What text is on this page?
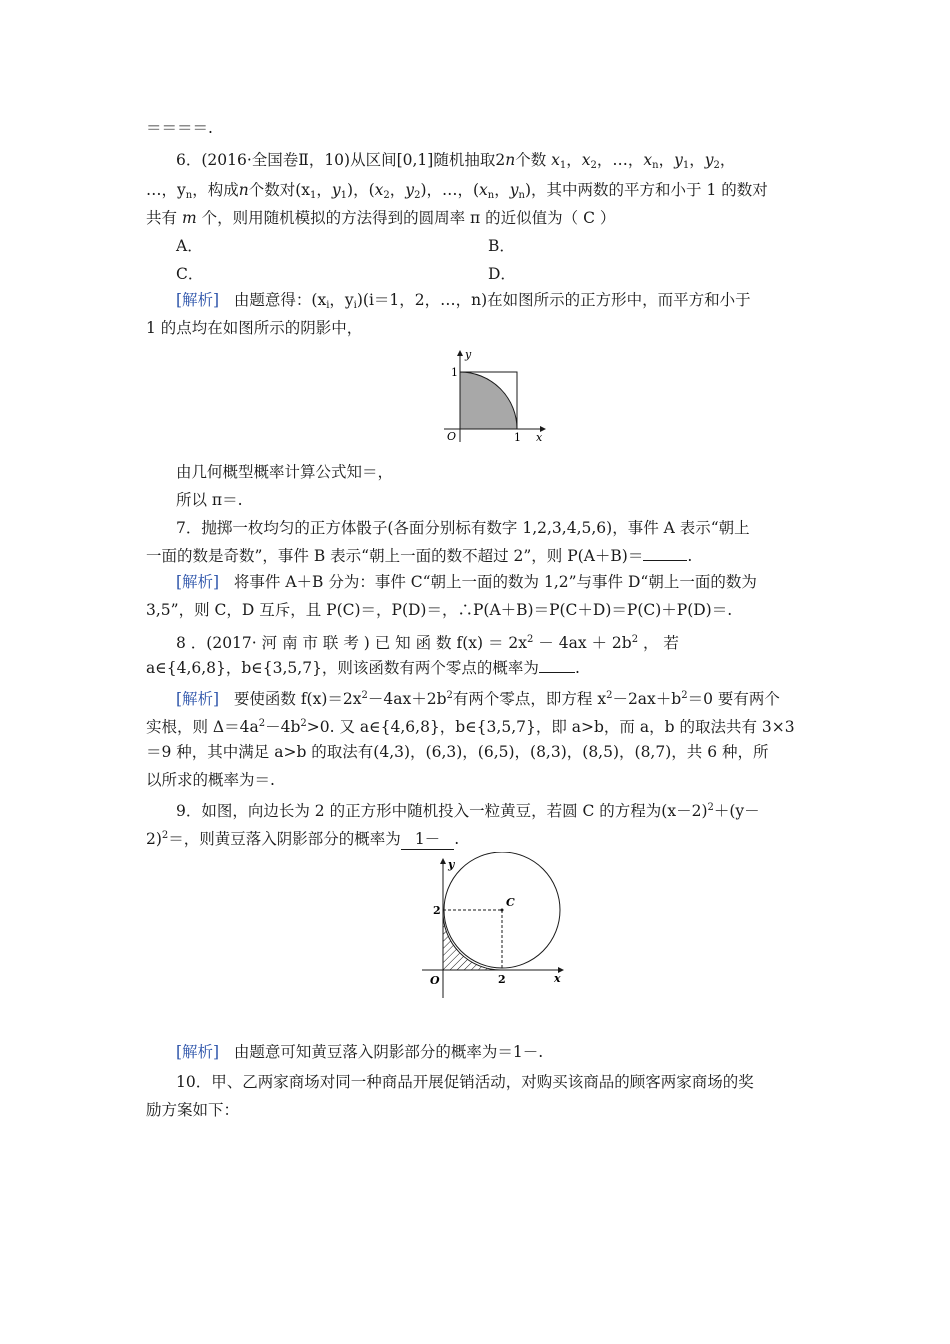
＝＝＝＝.
6．(2016·全国卷Ⅱ，10)从区间[0,1]随机抽取2n个数 $x_1$，$x_2$，…，$x_n$，$y_1$，$y_2$，
…，$y_n$，构成n个数对($x_1$，$y_1$)，($x_2$，$y_2$)，…，($x_n$，$y_n$)，其中两数的平方和小于 1 的数对
共有 m 个，则用随机模拟的方法得到的圆周率 π 的近似值为（ C ）
A．	B．
C．	D．
[解析] 由题意得：($x_i$，$y_i)(i=1$，2，…，n)在如图所示的正方形中，而平方和小于
1 的点均在如图所示的阴影中，
y
x
O	1
1
由几何概型概率计算公式知＝，
所以 π＝.
7．抛掷一枚均匀的正方体骰子(各面分别标有数字 1,2,3,4,5,6)，事件 A 表示“朝上
一面的数是奇数”，事件 B 表示“朝上一面的数不超过 2”，则 P(A＋B)＝	.
[解析] 将事件 A＋B 分为：事件 C“朝上一面的数为 1,2”与事件 D“朝上一面的数为
3,5”，则 C，D 互斥，且 P(C)＝，P(D)＝，∴P(A＋B)＝P(C＋D)＝P(C)＋P(D)＝.
8 ．(2017· 河 南 市 联 考 ) 已 知 函 数 $f(x) = 2x^2 - 4ax + 2b^2$ ， 若
a∈{4,6,8}，b∈{3,5,7}，则该函数有两个零点的概率为 .
[解析] 要使函数 $f(x)=2x^2-4ax+2b^2$有两个零点，即方程 $x^2-2ax+b^2=0$ 要有两个
实根，则 $\Delta=4a^2-4b^2>0$. 又 a∈{4,6,8}，b∈{3,5,7}，即 a>b，而 a，b 的取法共有 3×3
＝9 种，其中满足 a>b 的取法有(4,3)，(6,3)，(6,5)，(8,3)，(8,5)，(8,7)，共 6 种，所
以所求的概率为＝.
9．如图，向边长为 2 的正方形中随机投入一粒黄豆，若圆 C 的方程为$(x-2)^2+(y-$
2)$^2$＝，则黄豆落入阴影部分的概率为 1－ .
y
x
O	2
2
C
[解析] 由题意可知黄豆落入阴影部分的概率为＝1－.
10．甲、乙两家商场对同一种商品开展促销活动，对购买该商品的顾客两家商场的奖
励方案如下：
